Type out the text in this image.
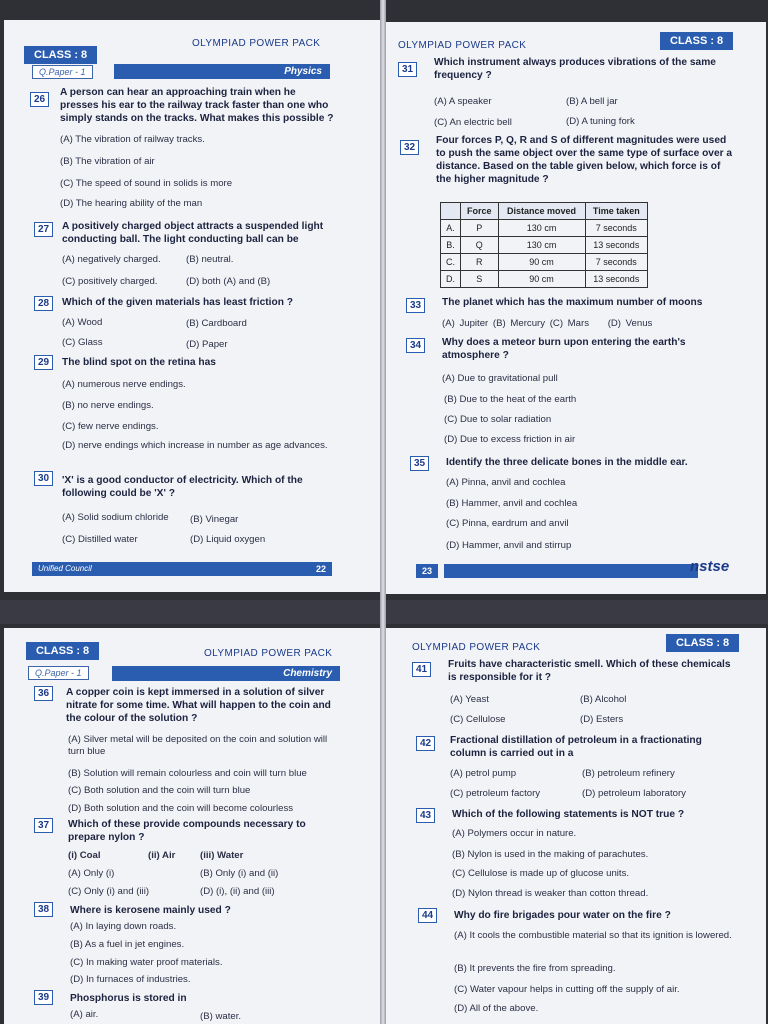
CLASS : 8
OLYMPIAD POWER PACK
Q.Paper - 1	Physics
26
A person can hear an approaching train when he presses his ear to the railway track faster than one who simply stands on the tracks. What makes this possible ?
(A) The vibration of railway tracks.
(B) The vibration of air
(C) The speed of sound in solids is more
(D) The hearing ability of the man
27	A positively charged object attracts a suspended light conducting ball. The light conducting ball can be
(A) negatively charged.	(B) neutral.
(C) positively charged.	(D) both (A) and (B)
28	Which of the given materials has least friction ?
(A) Wood	(B) Cardboard
(C) Glass	(D) Paper
29	The blind spot on the retina has
(A) numerous nerve endings.
(B) no nerve endings.
(C) few nerve endings.
(D) nerve endings which increase in number as age advances.
30	'X' is a good conductor of electricity. Which of the following could be 'X' ?
(A) Solid sodium chloride (B) Vinegar
(C) Distilled water	(D) Liquid oxygen
Unified Council	22
OLYMPIAD POWER PACK	CLASS : 8
31
Which instrument always produces vibrations of the same frequency ?
(A) A speaker	(B) A bell jar
(C) An electric bell	(D) A tuning fork
32
Four forces P, Q, R and S of different magnitudes were used to push the same object over the same type of surface over a distance. Based on the table given below, which force is of the higher magnitude ?
	Force	Distance moved	Time taken
A.	P	130 cm	7 seconds
B.	Q	130 cm	13 seconds
C.	R	90 cm	7 seconds
D.	S	90 cm	13 seconds
33	The planet which has the maximum number of moons
(A) Jupiter (B) Mercury (C) Mars (D) Venus
34	Why does a meteor burn upon entering the earth's atmosphere ?
(A) Due to gravitational pull
(B) Due to the heat of the earth
(C) Due to solar radiation
(D) Due to excess friction in air
35	Identify the three delicate bones in the middle ear.
(A) Pinna, anvil and cochlea
(B) Hammer, anvil and cochlea
(C) Pinna, eardrum and anvil
(D) Hammer, anvil and stirrup
23	nstse
CLASS : 8	OLYMPIAD POWER PACK
Q.Paper - 1	Chemistry
36	A copper coin is kept immersed in a solution of silver nitrate for some time. What will happen to the coin and the colour of the solution ?
(A) Silver metal will be deposited on the coin and solution will turn blue
(B) Solution will remain colourless and coin will turn blue
(C) Both solution and the coin will turn blue
(D) Both solution and the coin will become colourless
37	Which of these provide compounds necessary to prepare nylon ?
(i) Coal	(ii) Air	(iii) Water
(A) Only (i)	(B) Only (i) and (ii)
(C) Only (i) and (iii)	(D) (i), (ii) and (iii)
38	Where is kerosene mainly used ?
(A) In laying down roads.
(B) As a fuel in jet engines.
(C) In making water proof materials.
(D) In furnaces of industries.
39	Phosphorus is stored in
(A) air.	(B) water.
OLYMPIAD POWER PACK	CLASS : 8
41	Fruits have characteristic smell. Which of these chemicals is responsible for it ?
(A) Yeast	(B) Alcohol
(C) Cellulose	(D) Esters
42	Fractional distillation of petroleum in a fractionating column is carried out in a
(A) petrol pump	(B) petroleum refinery
(C) petroleum factory	(D) petroleum laboratory
43	Which of the following statements is NOT true ?
(A) Polymers occur in nature.
(B) Nylon is used in the making of parachutes.
(C) Cellulose is made up of glucose units.
(D) Nylon thread is weaker than cotton thread.
44	Why do fire brigades pour water on the fire ?
(A) It cools the combustible material so that its ignition is lowered.
(B) It prevents the fire from spreading.
(C) Water vapour helps in cutting off the supply of air.
(D) All of the above.
